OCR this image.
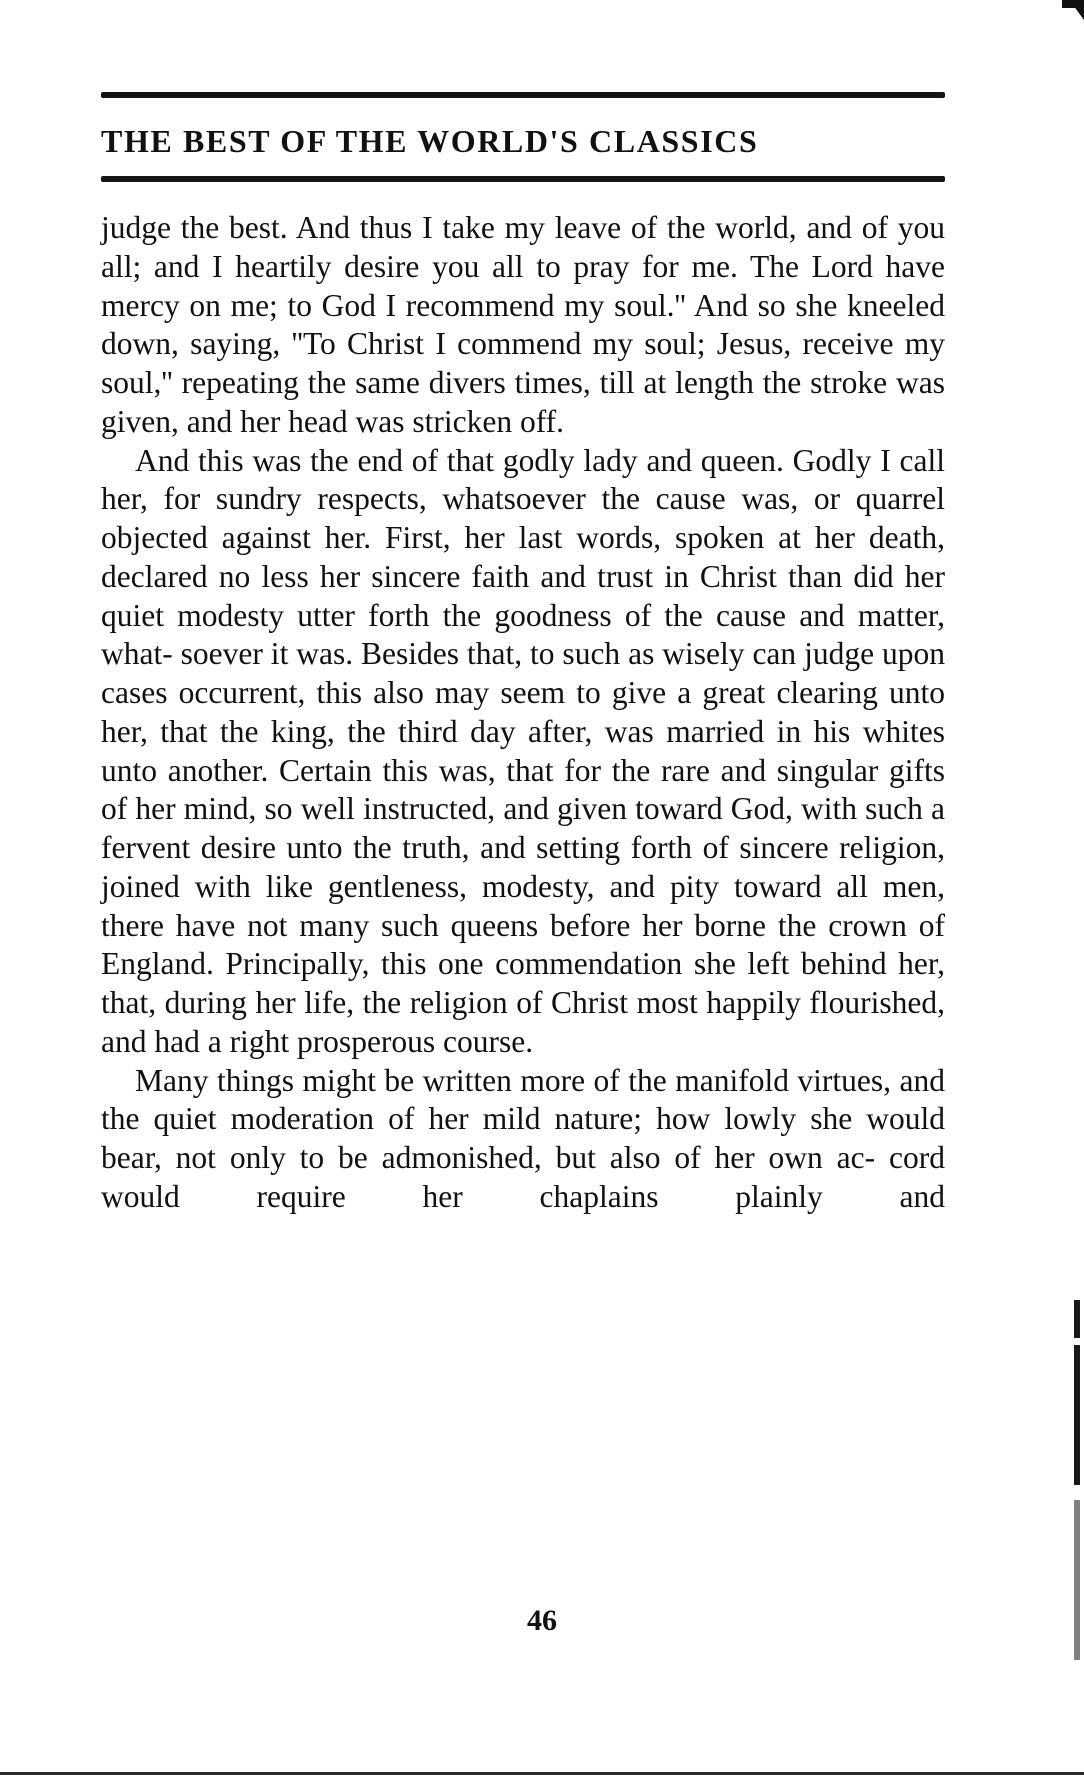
THE BEST OF THE WORLD'S CLASSICS

judge the best. And thus I take my leave of the world, and of you all; and I heartily desire you all to pray for me. The Lord have mercy on me; to God I recommend my soul.'' And so she kneeled down, saying, ''To Christ I commend my soul; Jesus, receive my soul,'' repeating the same divers times, till at length the stroke was given, and her head was stricken off.

And this was the end of that godly lady and queen. Godly I call her, for sundry respects, whatsoever the cause was, or quarrel objected against her. First, her last words, spoken at her death, declared no less her sincere faith and trust in Christ than did her quiet modesty utter forth the goodness of the cause and matter, what- soever it was. Besides that, to such as wisely can judge upon cases occurrent, this also may seem to give a great clearing unto her, that the king, the third day after, was married in his whites unto another. Certain this was, that for the rare and singular gifts of her mind, so well instructed, and given toward God, with such a fervent desire unto the truth, and setting forth of sincere religion, joined with like gentleness, modesty, and pity toward all men, there have not many such queens before her borne the crown of England. Principally, this one commendation she left behind her, that, during her life, the religion of Christ most happily flourished, and had a right prosperous course.

Many things might be written more of the manifold virtues, and the quiet moderation of her mild nature; how lowly she would bear, not only to be admonished, but also of her own ac- cord would require her chaplains plainly and

46
